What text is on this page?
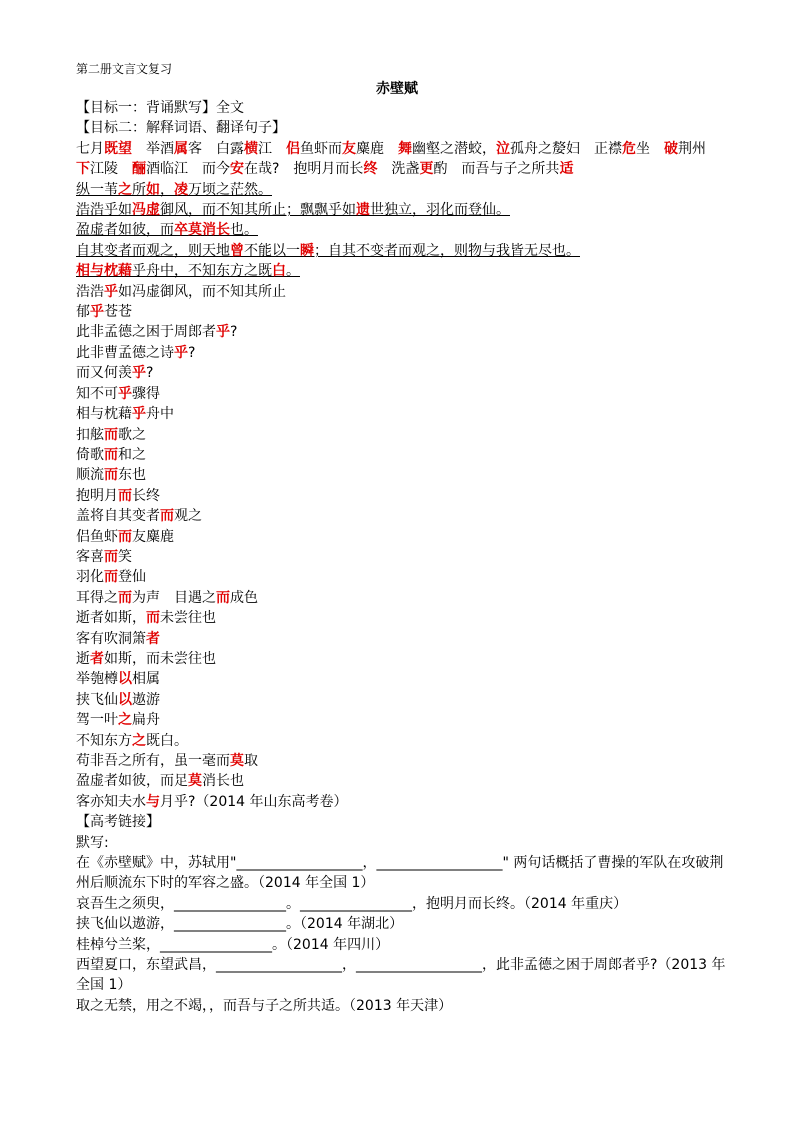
第二册文言文复习
赤壁赋
【目标一：背诵默写】全文
【目标二：解释词语、翻译句子】
七月既望　举酒属客　白露横江　侣鱼虾而友麋鹿　舞幽壑之潜蛟，泣孤舟之嫠妇　正襟危坐　破荆州
下江陵　酾酒临江　而今安在哉?　抱明月而长终　洗盏更酌　而吾与子之所共适
纵一苇之所如，凌万顷之茫然。
浩浩乎如冯虚御风，而不知其所止；飘飘乎如遗世独立，羽化而登仙。
盈虚者如彼，而卒莫消长也。
自其变者而观之，则天地曾不能以一瞬；自其不变者而观之，则物与我皆无尽也。
相与枕藉乎舟中，不知东方之既白。
浩浩乎如冯虚御风，而不知其所止
郁乎苍苍
此非孟德之困于周郎者乎?
此非曹孟德之诗乎?
而又何羡乎?
知不可乎骤得
相与枕藉乎舟中
扣舷而歌之
倚歌而和之
顺流而东也
抱明月而长终
盖将自其变者而观之
侣鱼虾而友麋鹿
客喜而笑
羽化而登仙
耳得之而为声　目遇之而成色
逝者如斯，而未尝往也
客有吹洞箫者
逝者如斯，而未尝往也
举匏樽以相属
挟飞仙以遨游
驾一叶之扁舟
不知东方之既白。
苟非吾之所有，虽一毫而莫取
盈虚者如彼，而足莫消长也
客亦知夫水与月乎?（2014 年山东高考卷）
【高考链接】
默写:
在《赤壁赋》中，苏轼用"__________________，__________________" 两句话概括了曹操的军队在攻破荆州后顺流东下时的军容之盛。（2014 年全国 1）
哀吾生之须臾，________________。________________，抱明月而长终。（2014 年重庆）
挟飞仙以遨游，________________。（2014 年湖北）
桂棹兮兰桨，________________。（2014 年四川）
西望夏口，东望武昌，__________________，__________________，此非孟德之困于周郎者乎?（2013 年全国 1）
取之无禁，用之不竭，，而吾与子之所共适。（2013 年天津）
